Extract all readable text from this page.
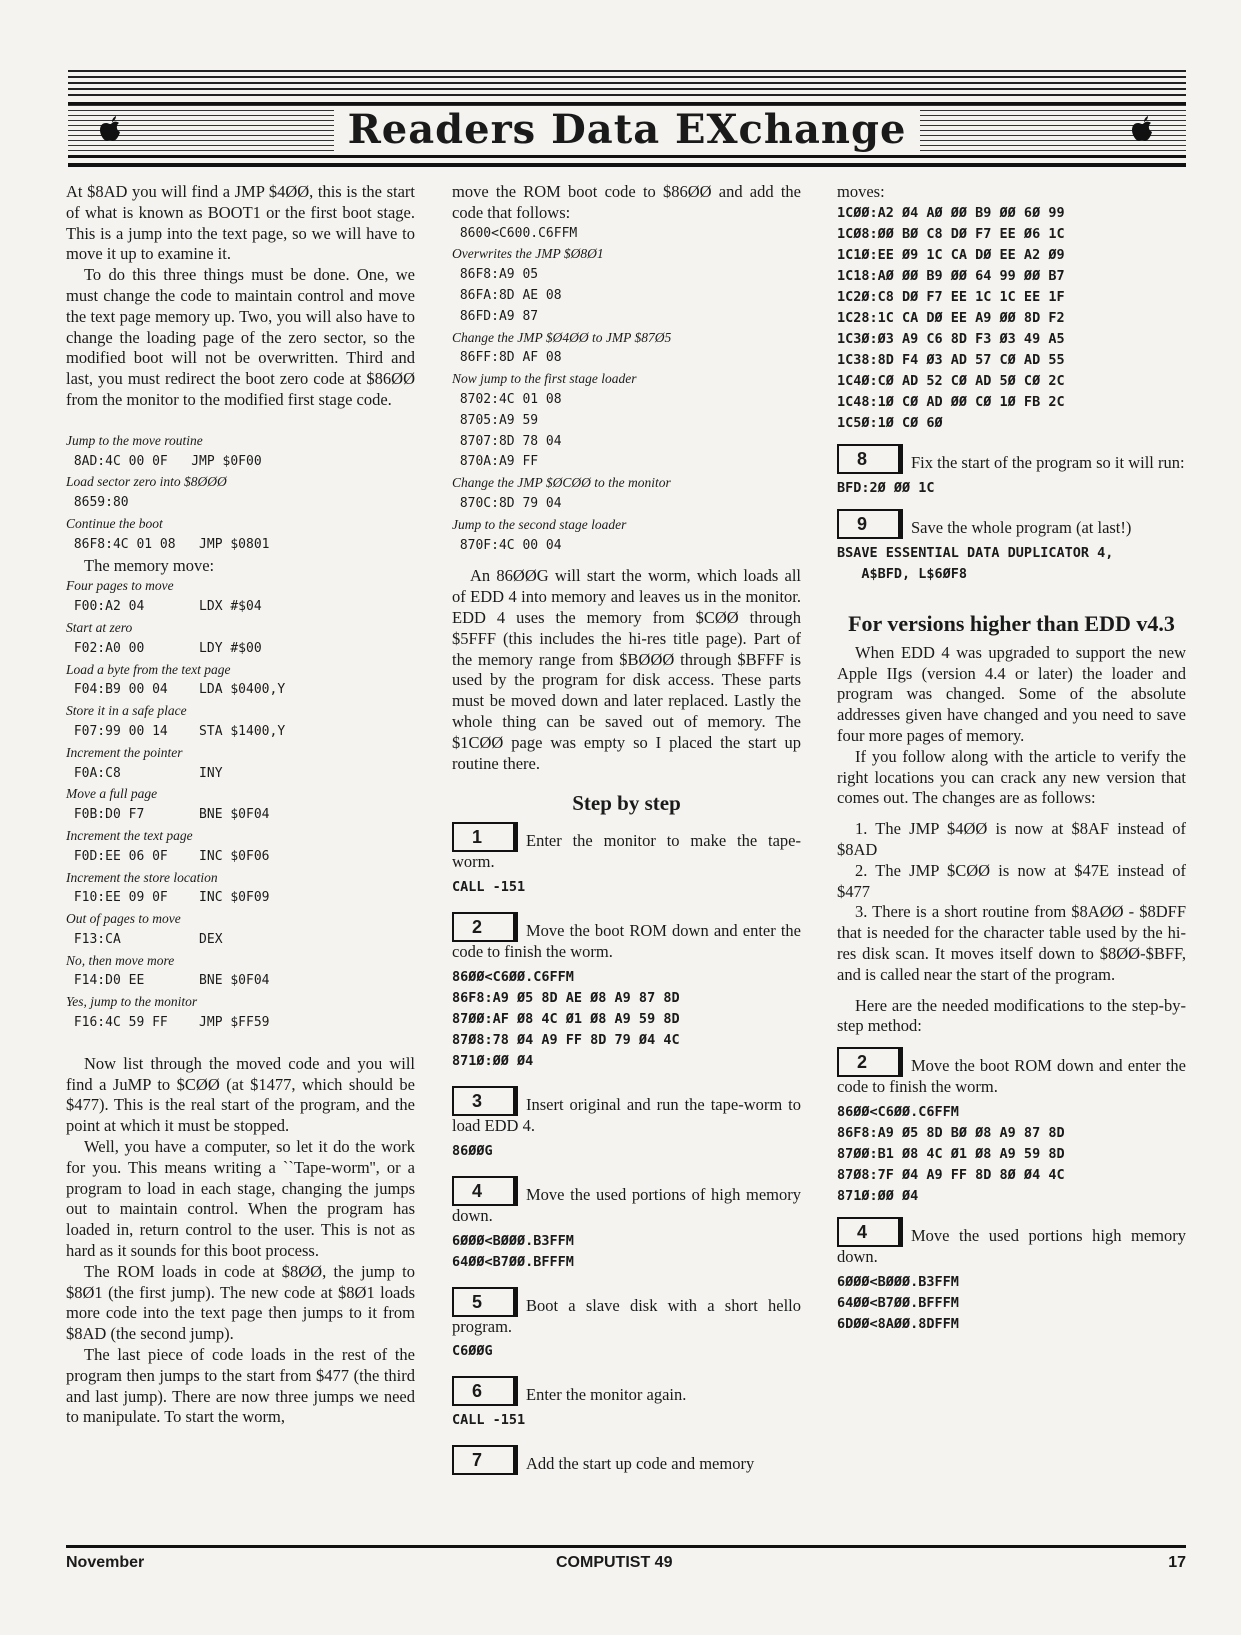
Readers Data EXchange

At $8AD you will find a JMP $4ØØ, this is the start of what is known as BOOT1 or the first boot stage. This is a jump into the text page, so we will have to move it up to examine it.

To do this three things must be done. One, we must change the code to maintain control and move the text page memory up. Two, you will also have to change the loading page of the zero sector, so the modified boot will not be overwritten. Third and last, you must redirect the boot zero code at $86ØØ from the monitor to the modified first stage code.

Jump to the move routine
8AD:4C 00 0F   JMP $0F00
Load sector zero into $8ØØØ
8659:80
Continue the boot
86F8:4C 01 08   JMP $0801

The memory move:

Four pages to move
F00:A2 04       LDX #$04
Start at zero
F02:A0 00       LDY #$00
Load a byte from the text page
F04:B9 00 04    LDA $0400,Y
Store it in a safe place
F07:99 00 14    STA $1400,Y
Increment the pointer
F0A:C8          INY
Move a full page
F0B:D0 F7       BNE $0F04
Increment the text page
F0D:EE 06 0F    INC $0F06
Increment the store location
F10:EE 09 0F    INC $0F09
Out of pages to move
F13:CA          DEX
No, then move more
F14:D0 EE       BNE $0F04
Yes, jump to the monitor
F16:4C 59 FF    JMP $FF59

Now list through the moved code and you will find a JuMP to $CØØ (at $1477, which should be $477). This is the real start of the program, and the point at which it must be stopped.

Well, you have a computer, so let it do the work for you. This means writing a ``Tape-worm'', or a program to load in each stage, changing the jumps out to maintain control. When the program has loaded in, return control to the user. This is not as hard as it sounds for this boot process.

The ROM loads in code at $8ØØ, the jump to $8Ø1 (the first jump). The new code at $8Ø1 loads more code into the text page then jumps to it from $8AD (the second jump).

The last piece of code loads in the rest of the program then jumps to the start from $477 (the third and last jump). There are now three jumps we need to manipulate. To start the worm,

move the ROM boot code to $86ØØ and add the code that follows:

8600<C600.C6FFM
Overwrites the JMP $Ø8Ø1
86F8:A9 05
86FA:8D AE 08
86FD:A9 87
Change the JMP $Ø4ØØ to JMP $87Ø5
86FF:8D AF 08
Now jump to the first stage loader
8702:4C 01 08
8705:A9 59
8707:8D 78 04
870A:A9 FF
Change the JMP $ØCØØ to the monitor
870C:8D 79 04
Jump to the second stage loader
870F:4C 00 04

An 86ØØG will start the worm, which loads all of EDD 4 into memory and leaves us in the monitor. EDD 4 uses the memory from $CØØ through $5FFF (this includes the hi-res title page). Part of the memory range from $BØØØ through $BFFF is used by the program for disk access. These parts must be moved down and later replaced. Lastly the whole thing can be saved out of memory. The $1CØØ page was empty so I placed the start up routine there.

Step by step
1	Enter the monitor to make the tape-worm.
CALL -151
2	Move the boot ROM down and enter the code to finish the worm.
86ØØ<C6ØØ.C6FFM
86F8:A9 Ø5 8D AE Ø8 A9 87 8D
87ØØ:AF Ø8 4C Ø1 Ø8 A9 59 8D
87Ø8:78 Ø4 A9 FF 8D 79 Ø4 4C
871Ø:ØØ Ø4
3	Insert original and run the tape-worm to load EDD 4.
86ØØG
4	Move the used portions of high memory down.
6ØØØ<BØØØ.B3FFM
64ØØ<B7ØØ.BFFFM
5	Boot a slave disk with a short hello program.
C6ØØG
6	Enter the monitor again.
CALL -151
7	Add the start up code and memory

moves:

1CØØ:A2 Ø4 AØ ØØ B9 ØØ 6Ø 99
1CØ8:ØØ BØ C8 DØ F7 EE Ø6 1C
1C1Ø:EE Ø9 1C CA DØ EE A2 Ø9
1C18:AØ ØØ B9 ØØ 64 99 ØØ B7
1C2Ø:C8 DØ F7 EE 1C 1C EE 1F
1C28:1C CA DØ EE A9 ØØ 8D F2
1C3Ø:Ø3 A9 C6 8D F3 Ø3 49 A5
1C38:8D F4 Ø3 AD 57 CØ AD 55
1C4Ø:CØ AD 52 CØ AD 5Ø CØ 2C
1C48:1Ø CØ AD ØØ CØ 1Ø FB 2C
1C5Ø:1Ø CØ 6Ø
8	Fix the start of the program so it will run:
BFD:2Ø ØØ 1C
9	Save the whole program (at last!)
BSAVE ESSENTIAL DATA DUPLICATOR 4,
A$BFD, L$6ØF8
For versions higher than EDD v4.3

When EDD 4 was upgraded to support the new Apple IIgs (version 4.4 or later) the loader and program was changed. Some of the absolute addresses given have changed and you need to save four more pages of memory.

If you follow along with the article to verify the right locations you can crack any new version that comes out. The changes are as follows:

1. The JMP $4ØØ is now at $8AF instead of $8AD

2. The JMP $CØØ is now at $47E instead of $477

3. There is a short routine from $8AØØ - $8DFF that is needed for the character table used by the hi-res disk scan. It moves itself down to $8ØØ-$BFF, and is called near the start of the program.

Here are the needed modifications to the step-by-step method:

2	Move the boot ROM down and enter the code to finish the worm.
86ØØ<C6ØØ.C6FFM
86F8:A9 Ø5 8D BØ Ø8 A9 87 8D
87ØØ:B1 Ø8 4C Ø1 Ø8 A9 59 8D
87Ø8:7F Ø4 A9 FF 8D 8Ø Ø4 4C
871Ø:ØØ Ø4
4	Move the used portions high memory down.
6ØØØ<BØØØ.B3FFM
64ØØ<B7ØØ.BFFFM
6DØØ<8AØØ.8DFFM
November	COMPUTIST 49	17
